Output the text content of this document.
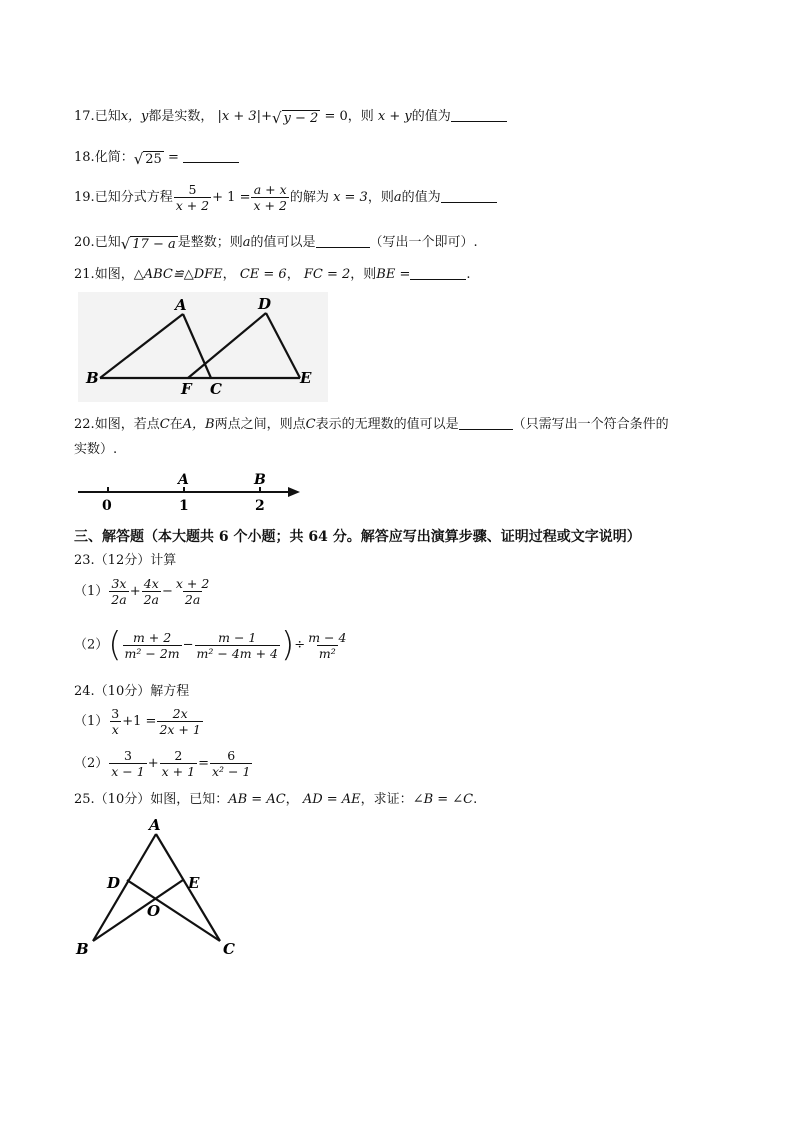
17.已知x，y都是实数， |x + 3|+ √ y − 2 = 0，则 x + y的值为
18.化简： √ 25 =
19.已知分式方程 $\frac{5}{x + 2} + 1 = \frac{a + x}{x + 2}$ 的解为 x = 3，则a的值为
20.已知 √ 17 − a 是整数；则a的值可以是	（写出一个即可）.
21.如图，△ABC≌△DFE， CE = 6， FC = 2，则BE =	.
A
B
C
D
E
F
22.如图，若点C在A，B两点之间，则点C表示的无理数的值可以是	（只需写出一个符合条件的
实数）.
A	B
0	1	2
三、解答题（本大题共 6 个小题；共 64 分。解答应写出演算步骤、证明过程或文字说明）
23.（12分）计算
$(1) \frac{3x}{2a} + \frac{4x}{2a} - \frac{x + 2}{2a}$
$(2)( \frac{m + 2}{\text{m² − 2m}} - \frac{m - 1}{\text{m² − 4m + 4}}$ )÷ $\frac{m - 4}{\text{m²}}$
24.（10分）解方程
$(1) \frac{3}{x} +1 = \frac{2x}{2x + 1}$
$(2) \frac{3}{x - 1} + \frac{2}{x + 1} = \frac{6}{\text{x² − 1}}$
25.（10分）如图，已知：AB = AC， AD = AE，求证：∠B = ∠C.
A
B	C
D	E
O
